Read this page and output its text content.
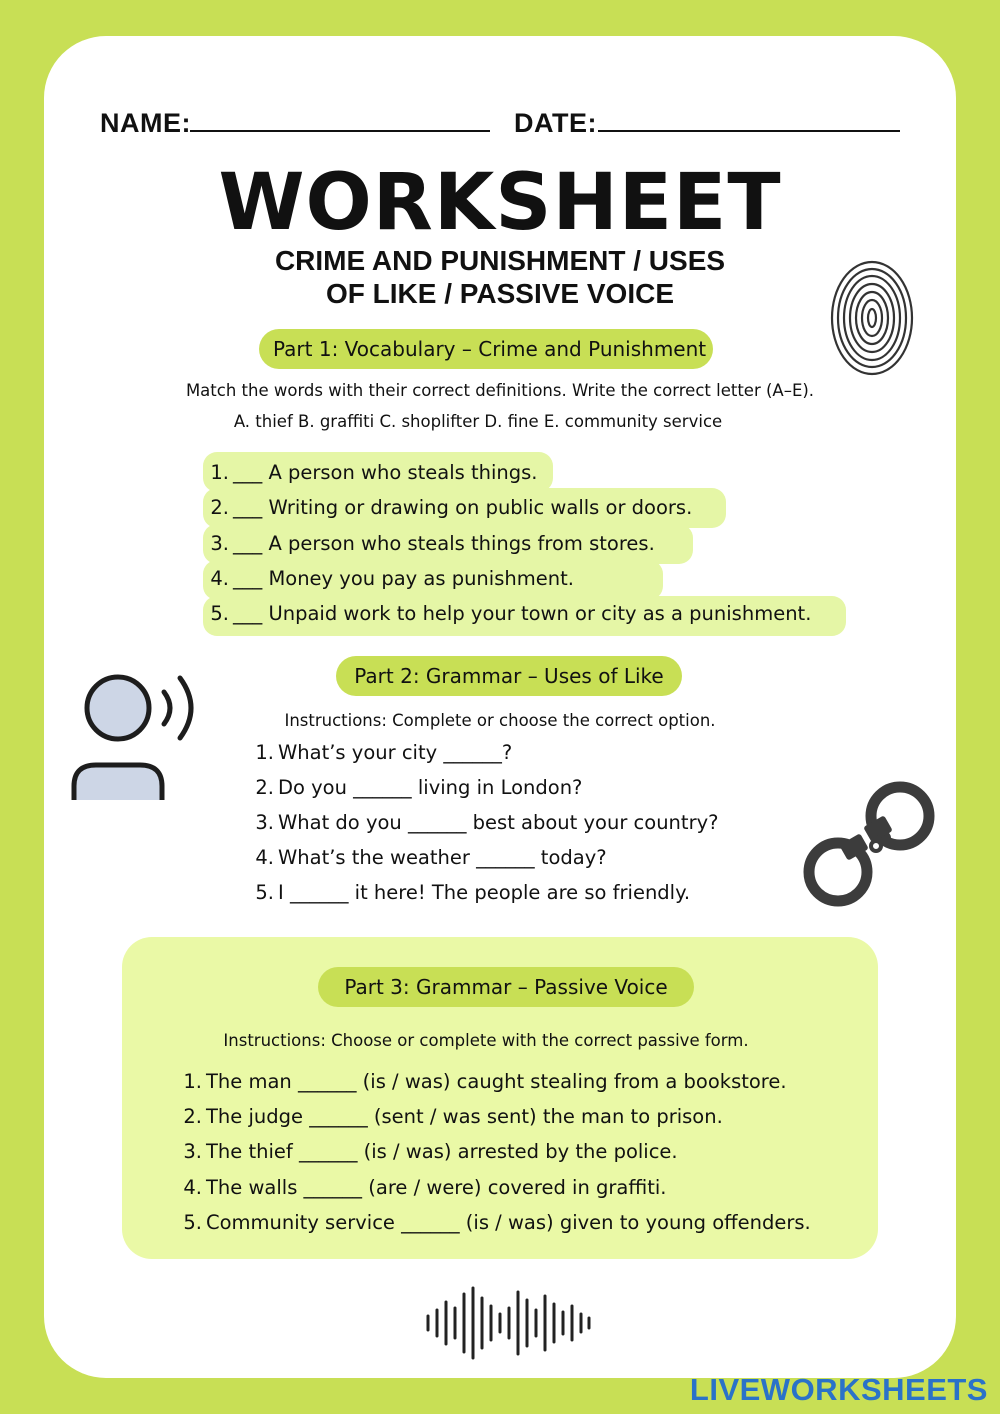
NAME:	DATE:
WORKSHEET
CRIME AND PUNISHMENT / USES
OF LIKE / PASSIVE VOICE
Part 1: Vocabulary – Crime and Punishment
Match the words with their correct definitions. Write the correct letter (A–E).
A. thief B. graffiti C. shoplifter D. fine E. community service
1. ___ A person who steals things.
2. ___ Writing or drawing on public walls or doors.
3. ___ A person who steals things from stores.
4. ___ Money you pay as punishment.
5. ___ Unpaid work to help your town or city as a punishment.
Part 2: Grammar – Uses of Like
Instructions: Complete or choose the correct option.
1. What’s your city ______?
2. Do you ______ living in London?
3. What do you ______ best about your country?
4. What’s the weather ______ today?
5. I ______ it here! The people are so friendly.
Part 3: Grammar – Passive Voice
Instructions: Choose or complete with the correct passive form.
1. The man ______ (is / was) caught stealing from a bookstore.
2. The judge ______ (sent / was sent) the man to prison.
3. The thief ______ (is / was) arrested by the police.
4. The walls ______ (are / were) covered in graffiti.
5. Community service ______ (is / was) given to young offenders.
LIVEWORKSHEETS
